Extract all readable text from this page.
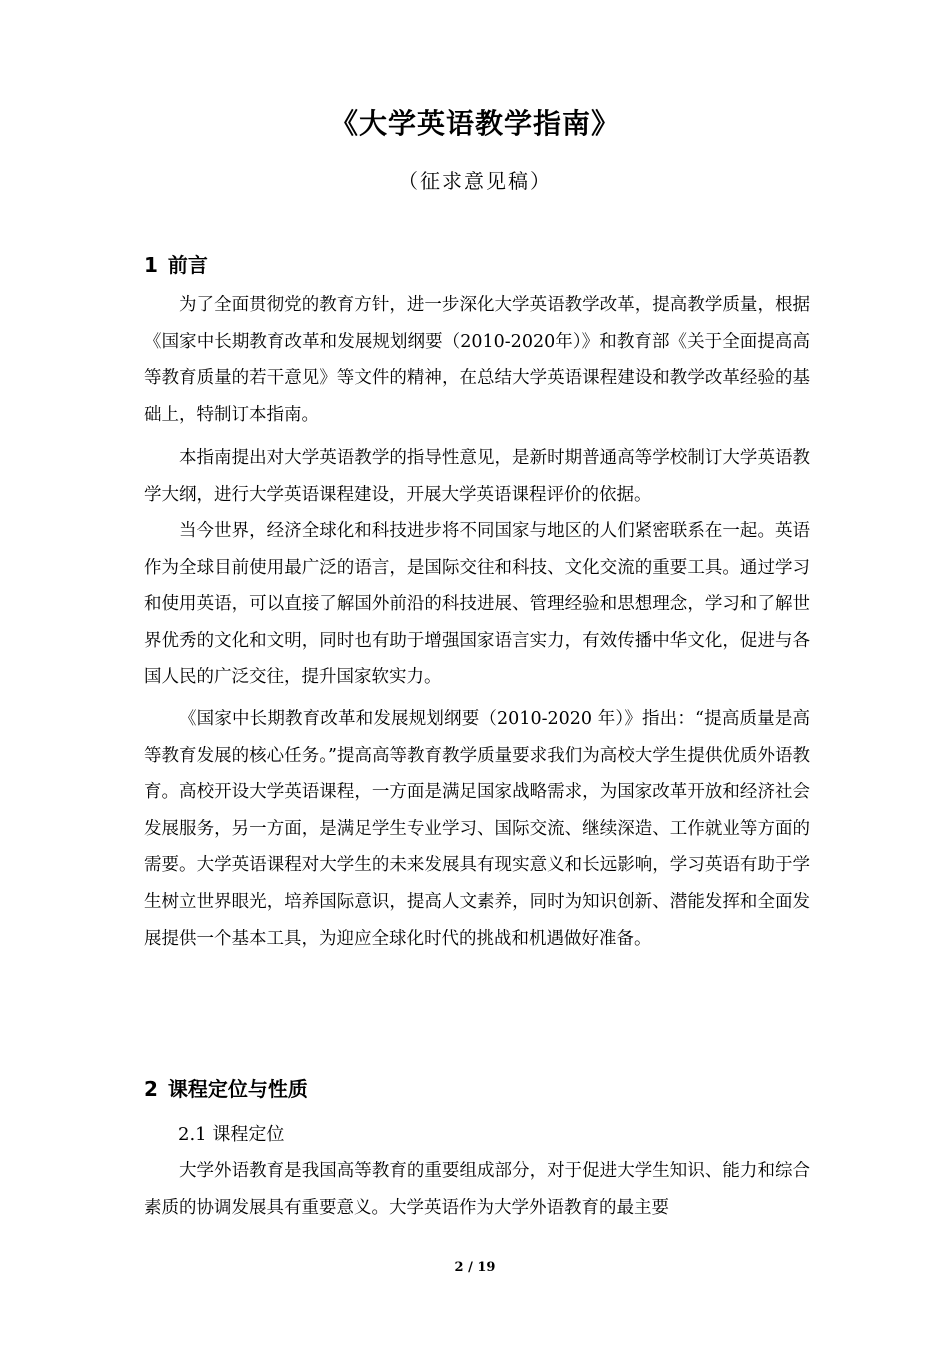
《大学英语教学指南》
（征求意见稿）
1 前言

为了全面贯彻党的教育方针，进一步深化大学英语教学改革，提高教学质量，根据《国家中长期教育改革和发展规划纲要（2010-2020年）》和教育部《关于全面提高高等教育质量的若干意见》等文件的精神，在总结大学英语课程建设和教学改革经验的基础上，特制订本指南。

本指南提出对大学英语教学的指导性意见，是新时期普通高等学校制订大学英语教学大纲，进行大学英语课程建设，开展大学英语课程评价的依据。

当今世界，经济全球化和科技进步将不同国家与地区的人们紧密联系在一起。英语作为全球目前使用最广泛的语言，是国际交往和科技、文化交流的重要工具。通过学习和使用英语，可以直接了解国外前沿的科技进展、管理经验和思想理念，学习和了解世界优秀的文化和文明，同时也有助于增强国家语言实力，有效传播中华文化，促进与各国人民的广泛交往，提升国家软实力。

《国家中长期教育改革和发展规划纲要（2010-2020 年）》指出：“提高质量是高等教育发展的核心任务。”提高高等教育教学质量要求我们为高校大学生提供优质外语教育。高校开设大学英语课程，一方面是满足国家战略需求，为国家改革开放和经济社会发展服务，另一方面，是满足学生专业学习、国际交流、继续深造、工作就业等方面的需要。大学英语课程对大学生的未来发展具有现实意义和长远影响，学习英语有助于学生树立世界眼光，培养国际意识，提高人文素养，同时为知识创新、潜能发挥和全面发展提供一个基本工具，为迎应全球化时代的挑战和机遇做好准备。

2 课程定位与性质
2.1 课程定位

大学外语教育是我国高等教育的重要组成部分，对于促进大学生知识、能力和综合素质的协调发展具有重要意义。大学英语作为大学外语教育的最主要

2 / 19
